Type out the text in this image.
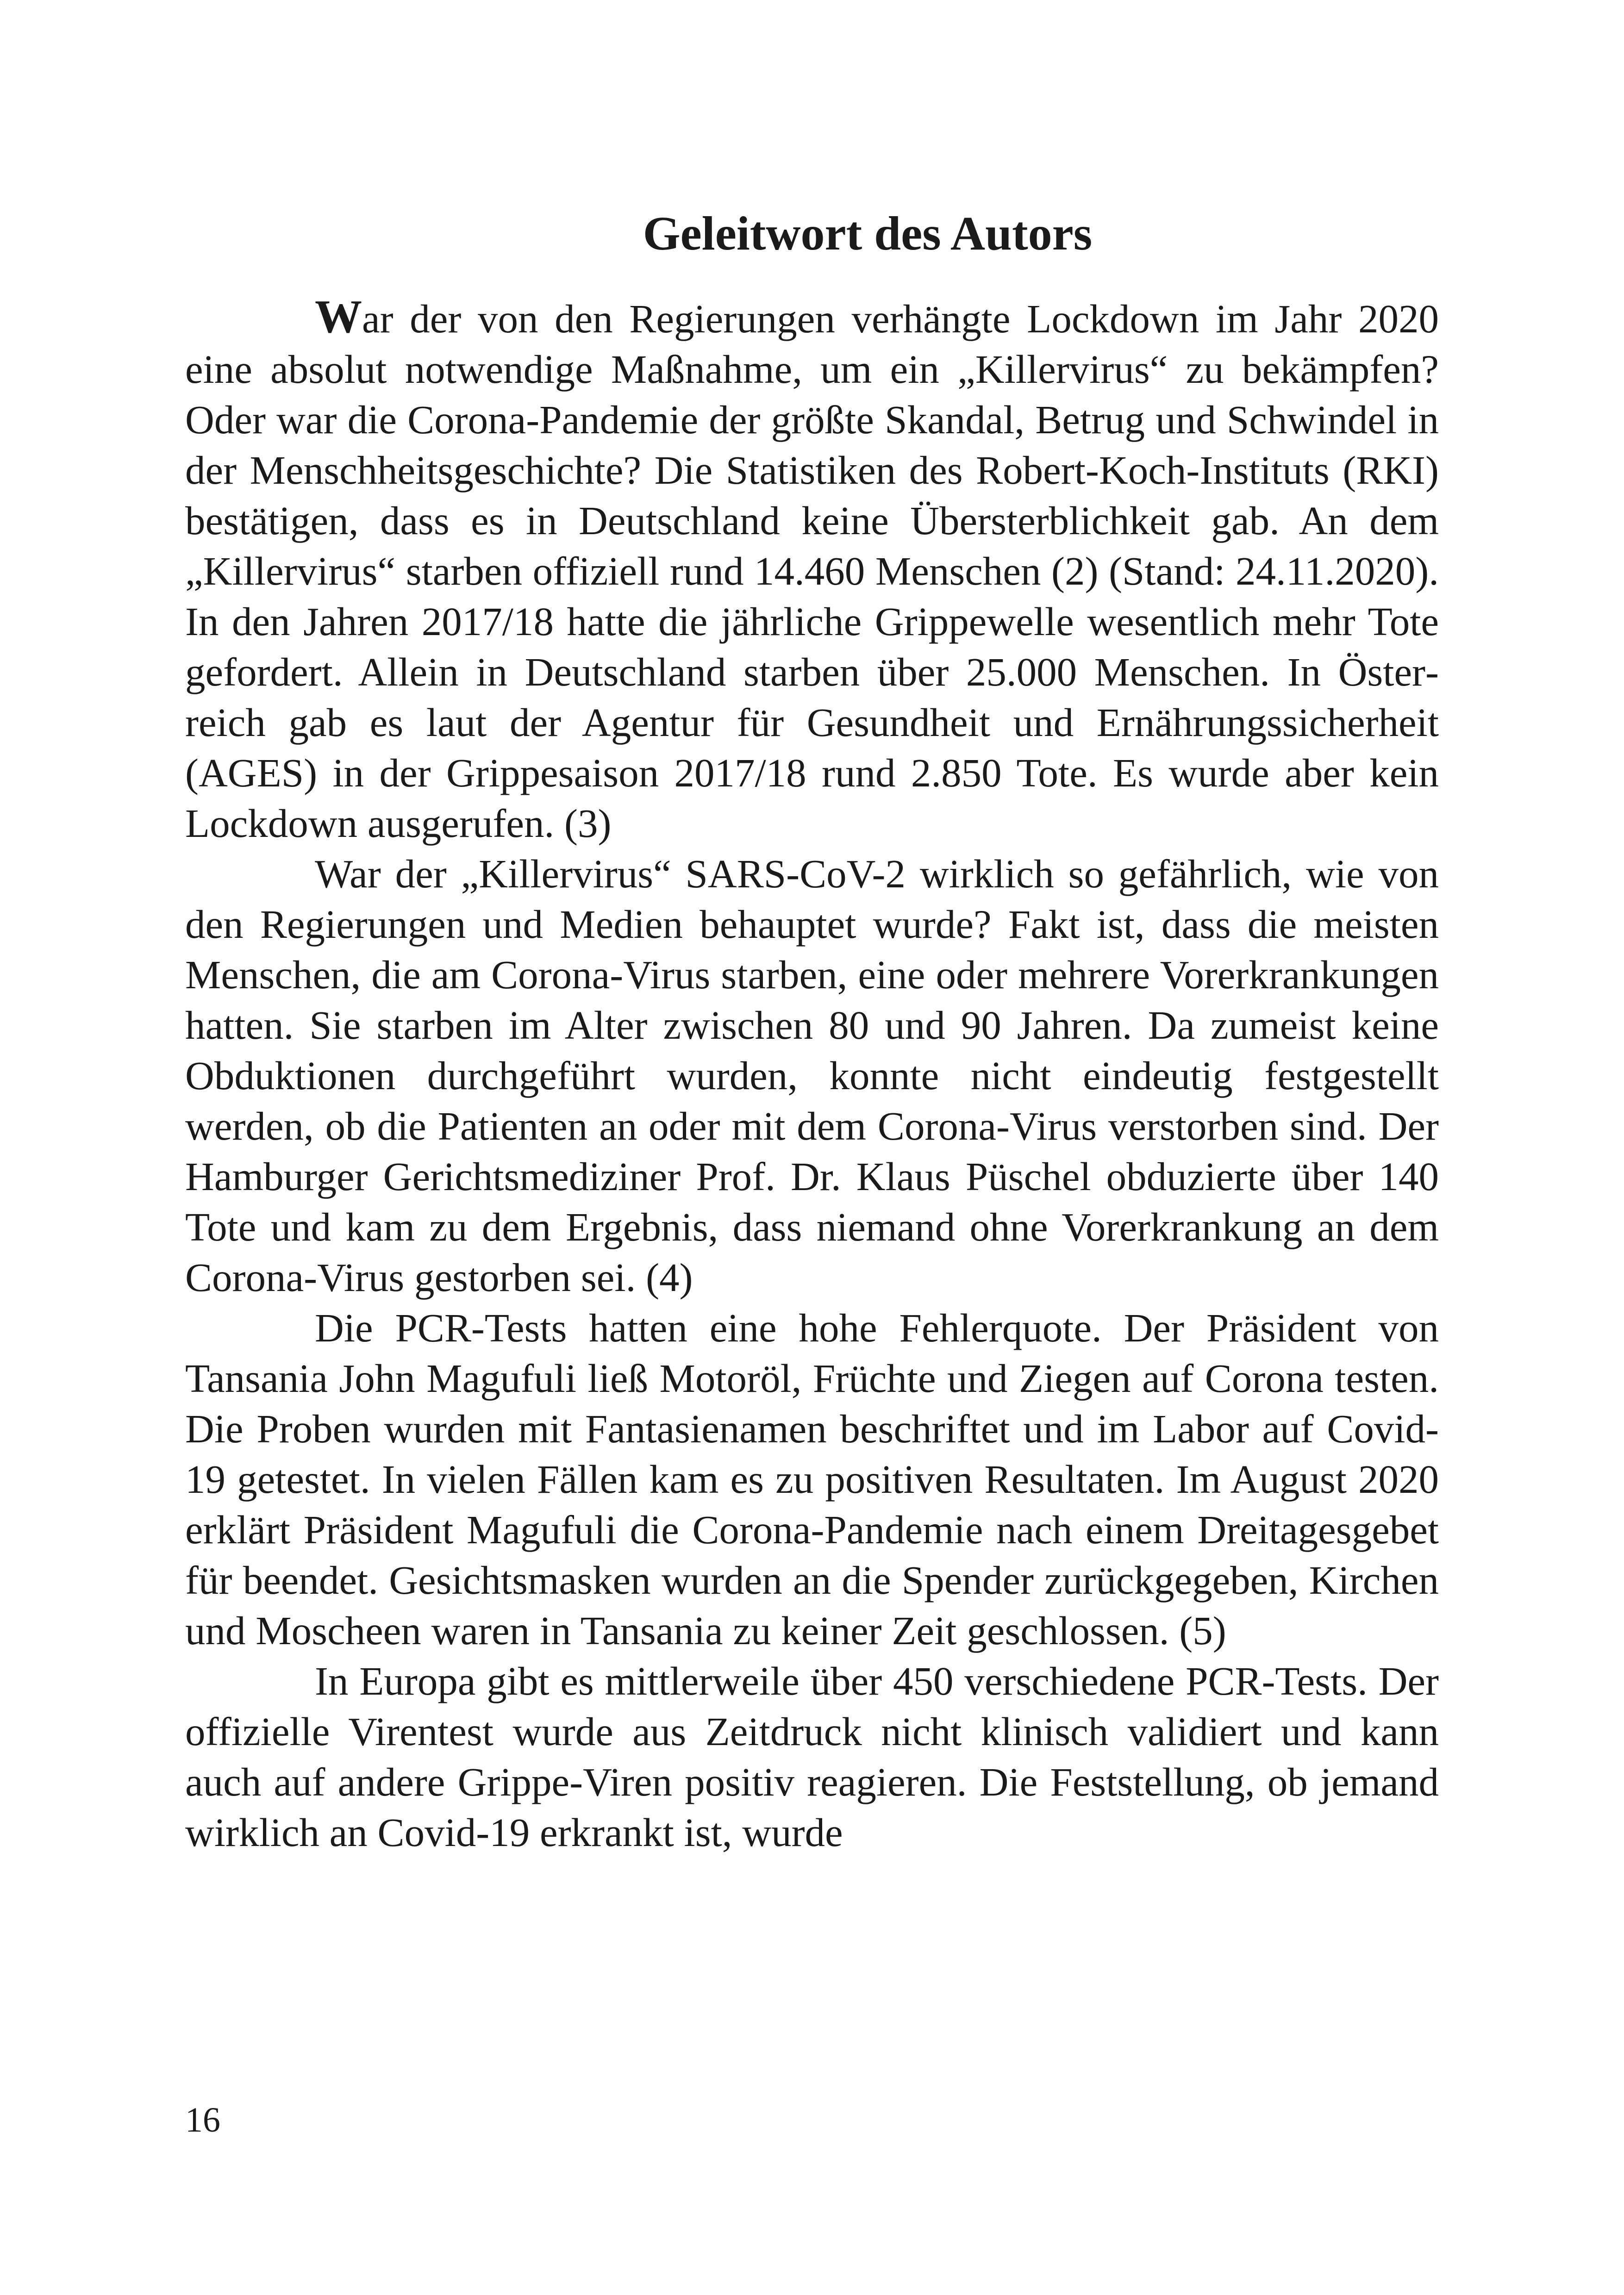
Geleitwort des Autors

War der von den Regierungen verhängte Lockdown im Jahr 2020 eine absolut notwendige Maßnahme, um ein „Killervirus“ zu bekämpfen? Oder war die Corona-Pandemie der größte Skandal, Betrug und Schwindel in der Menschheitsgeschichte? Die Statistiken des Robert-Koch-Instituts (RKI) bestätigen, dass es in Deutschland keine Übersterblichkeit gab. An dem „Killervirus“ starben offiziell rund 14.460 Menschen (2) (Stand: 24.11.2020). In den Jahren 2017/18 hatte die jährliche Grippewelle wesentlich mehr Tote gefordert. Allein in Deutschland starben über 25.000 Menschen. In Österreich gab es laut der Agentur für Gesundheit und Ernährungssicherheit (AGES) in der Grippesaison 2017/18 rund 2.850 Tote. Es wurde aber kein Lockdown ausgerufen. (3)

War der „Killervirus“ SARS-CoV-2 wirklich so gefährlich, wie von den Regierungen und Medien behauptet wurde? Fakt ist, dass die meisten Menschen, die am Corona-Virus starben, eine oder mehrere Vorerkrankungen hatten. Sie starben im Alter zwischen 80 und 90 Jahren. Da zumeist keine Obduktionen durchgeführt wurden, konnte nicht eindeutig festgestellt werden, ob die Patienten an oder mit dem Corona-Virus verstorben sind. Der Hamburger Gerichtsmediziner Prof. Dr. Klaus Püschel obduzierte über 140 Tote und kam zu dem Ergebnis, dass niemand ohne Vorerkrankung an dem Corona-Virus gestorben sei. (4)

Die PCR-Tests hatten eine hohe Fehlerquote. Der Präsident von Tansania John Magufuli ließ Motoröl, Früchte und Ziegen auf Corona testen. Die Proben wurden mit Fantasienamen beschriftet und im Labor auf Covid-19 getestet. In vielen Fällen kam es zu positiven Resultaten. Im August 2020 erklärt Präsident Magufuli die Corona-Pandemie nach einem Dreitagesgebet für beendet. Gesichtsmasken wurden an die Spender zurückgegeben, Kirchen und Moscheen waren in Tansania zu keiner Zeit geschlossen. (5)

In Europa gibt es mittlerweile über 450 verschiedene PCR-Tests. Der offizielle Virentest wurde aus Zeitdruck nicht klinisch validiert und kann auch auf andere Grippe-Viren positiv reagieren. Die Feststellung, ob jemand wirklich an Covid-19 erkrankt ist, wurde

16
